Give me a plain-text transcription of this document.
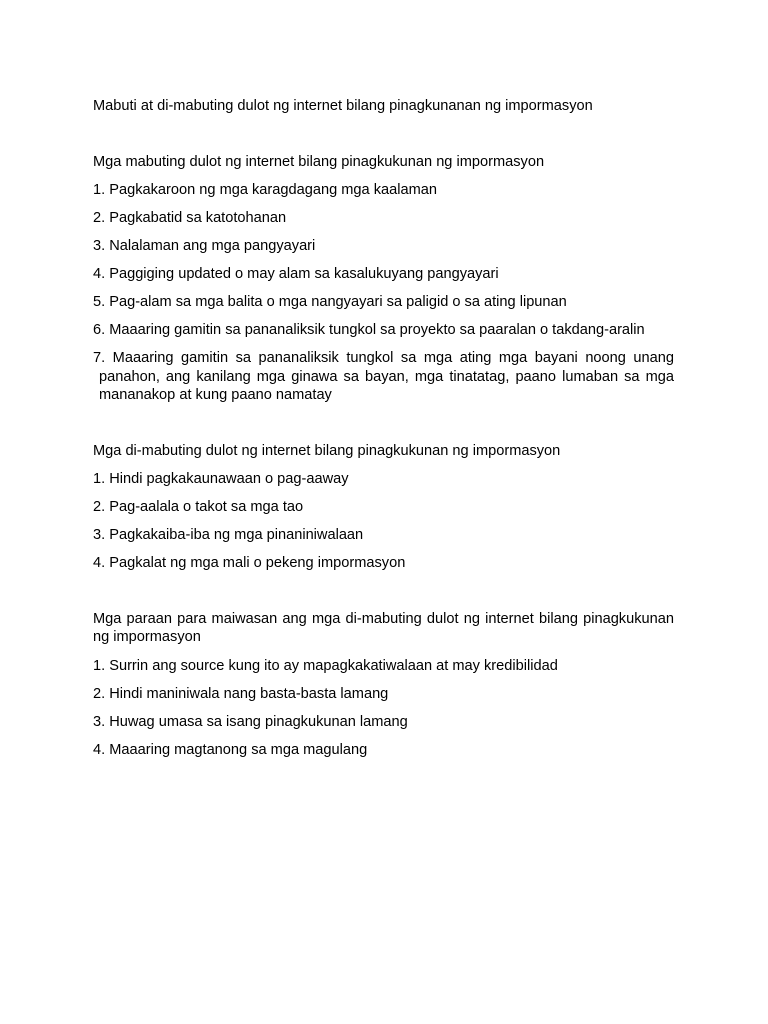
Mabuti at di-mabuting dulot ng internet bilang pinagkunanan ng impormasyon
Mga mabuting dulot ng internet bilang pinagkukunan ng impormasyon
1. Pagkakaroon ng mga karagdagang mga kaalaman
2. Pagkabatid sa katotohanan
3. Nalalaman ang mga pangyayari
4. Paggiging updated o may alam sa kasalukuyang pangyayari
5. Pag-alam sa mga balita o mga nangyayari sa paligid o sa ating lipunan
6. Maaaring gamitin sa pananaliksik tungkol sa proyekto sa paaralan o takdang-aralin
7. Maaaring gamitin sa pananaliksik tungkol sa mga ating mga bayani noong unang panahon, ang kanilang mga ginawa sa bayan, mga tinatatag, paano lumaban sa mga mananakop at kung paano namatay
Mga di-mabuting dulot ng internet bilang pinagkukunan ng impormasyon
1. Hindi pagkakaunawaan o pag-aaway
2. Pag-aalala o takot sa mga tao
3. Pagkakaiba-iba ng mga pinaniniwalaan
4. Pagkalat ng mga mali o pekeng impormasyon
Mga paraan para maiwasan ang mga di-mabuting dulot ng internet bilang pinagkukunan ng impormasyon
1. Surrin ang source kung ito ay mapagkakatiwalaan at may kredibilidad
2. Hindi maniniwala nang basta-basta lamang
3. Huwag umasa sa isang pinagkukunan lamang
4. Maaaring magtanong sa mga magulang
